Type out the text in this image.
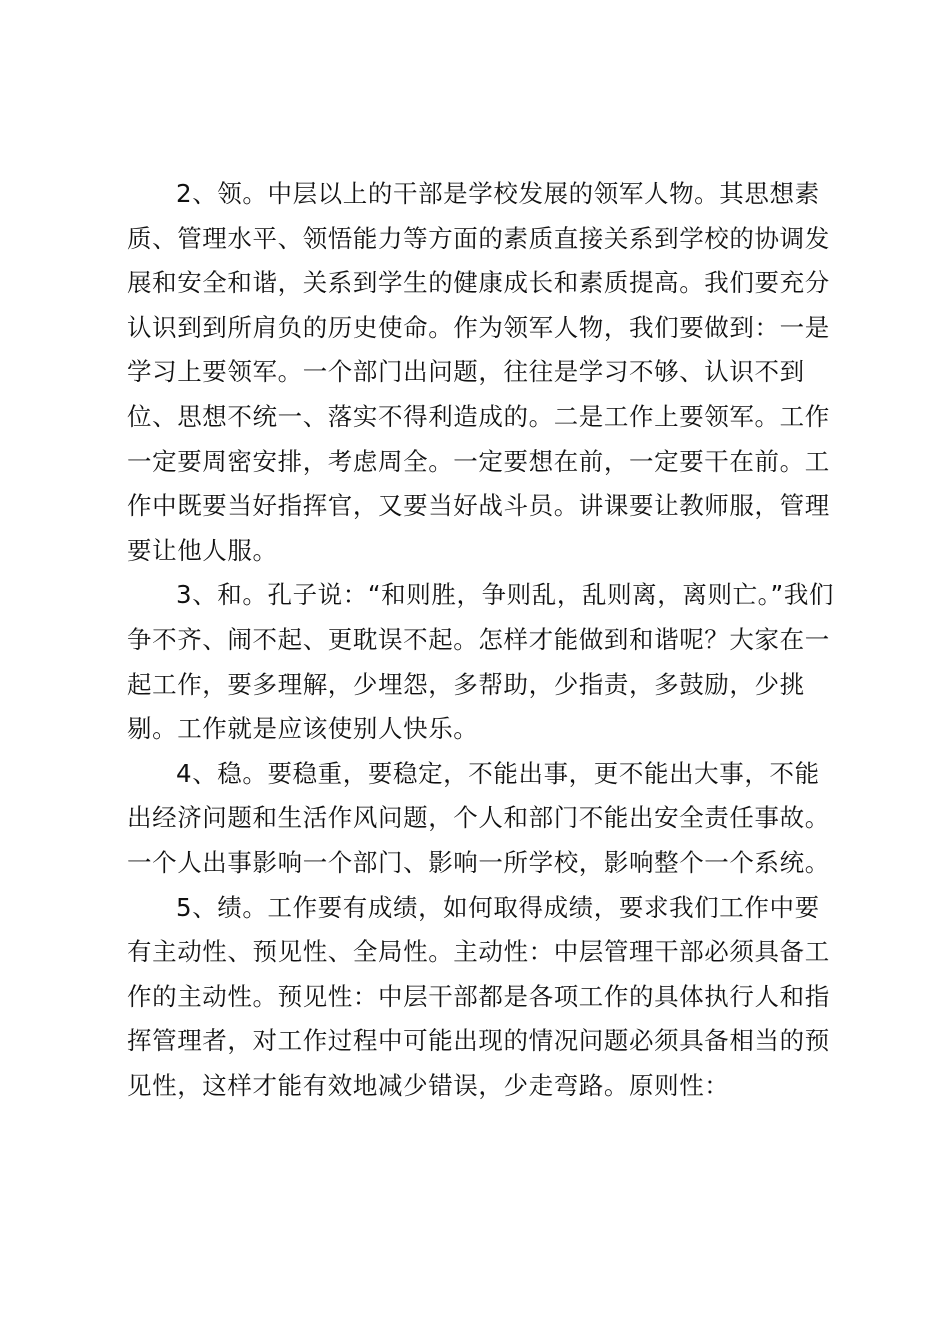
2、领。中层以上的干部是学校发展的领军人物。其思想素质、管理水平、领悟能力等方面的素质直接关系到学校的协调发展和安全和谐，关系到学生的健康成长和素质提高。我们要充分认识到到所肩负的历史使命。作为领军人物，我们要做到：一是学习上要领军。一个部门出问题，往往是学习不够、认识不到位、思想不统一、落实不得利造成的。二是工作上要领军。工作一定要周密安排，考虑周全。一定要想在前，一定要干在前。工作中既要当好指挥官，又要当好战斗员。讲课要让教师服，管理要让他人服。

3、和。孔子说：“和则胜，争则乱，乱则离，离则亡。”我们争不齐、闹不起、更耽误不起。怎样才能做到和谐呢？大家在一起工作，要多理解，少埋怨，多帮助，少指责，多鼓励，少挑剔。工作就是应该使别人快乐。

4、稳。要稳重，要稳定，不能出事，更不能出大事，不能出经济问题和生活作风问题，个人和部门不能出安全责任事故。一个人出事影响一个部门、影响一所学校，影响整个一个系统。

5、绩。工作要有成绩，如何取得成绩，要求我们工作中要有主动性、预见性、全局性。主动性：中层管理干部必须具备工作的主动性。预见性：中层干部都是各项工作的具体执行人和指挥管理者，对工作过程中可能出现的情况问题必须具备相当的预见性，这样才能有效地减少错误，少走弯路。原则性：
